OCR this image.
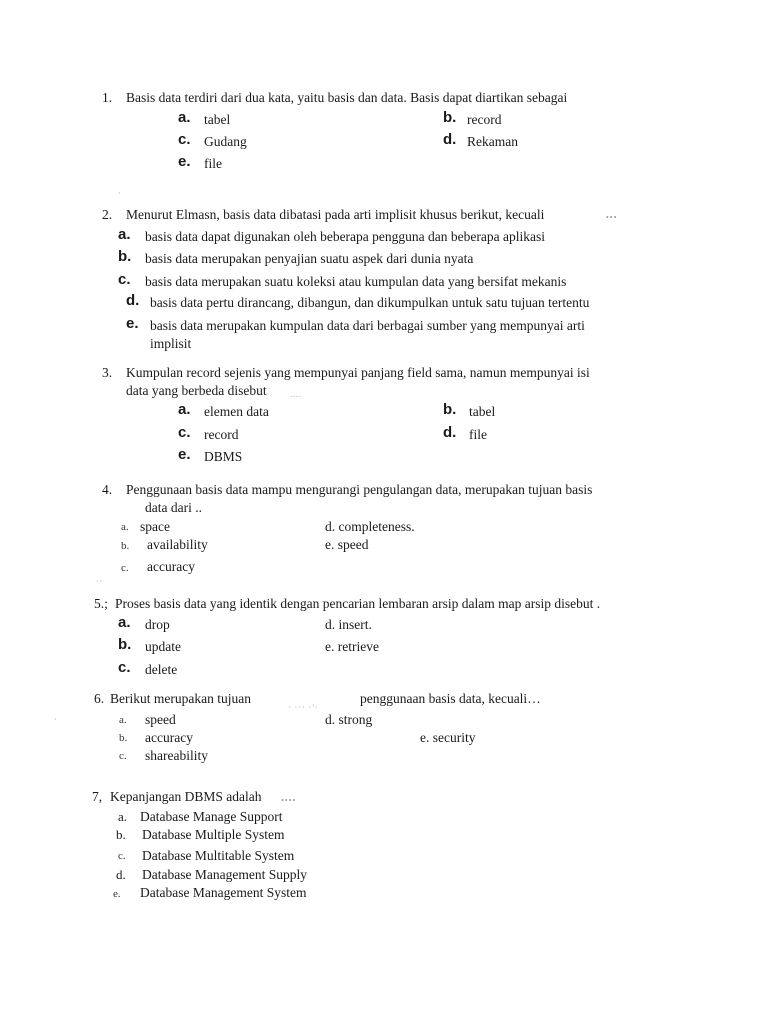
1. Basis data terdiri dari dua kata, yaitu basis dan data. Basis dapat diartikan sebagai
a. tabel	b. record
c. Gudang	d. Rekaman
e. file
·
2. Menurut Elmasn, basis data dibatasi pada arti implisit khusus berikut, kecuali	•••
a. basis data dapat digunakan oleh beberapa pengguna dan beberapa aplikasi
b. basis data merupakan penyajian suatu aspek dari dunia nyata
c. basis data merupakan suatu koleksi atau kumpulan data yang bersifat mekanis
d. basis data pertu dirancang, dibangun, dan dikumpulkan untuk satu tujuan tertentu
e. basis data merupakan kumpulan data dari berbagai sumber yang mempunyai arti
implisit
3. Kumpulan record sejenis yang mempunyai panjang field sama, namun mempunyai isi
data yang berbeda disebut	....
a. elemen data	b. tabel
c. record	d. file
e. DBMS
4. Penggunaan basis data mampu mengurangi pengulangan data, merupakan tujuan basis
data dari ..
a. space	d. completeness.
b. availability	e. speed
c. accuracy
··
5.; Proses basis data yang identik dengan pencarian lembaran arsip dalam map arsip disebut .
a. drop	d. insert.
b. update	e. retrieve
c. delete
6. Berikut merupakan tujuan
· ··· ·'·
penggunaan basis data, kecuali…
a. speed	d. strong
b. accuracy	e. security
c. shareability
·
7, Kepanjangan DBMS adalah ••••
a. Database Manage Support
b. Database Multiple System
c. Database Multitable System
d. Database Management Supply
e. Database Management System
